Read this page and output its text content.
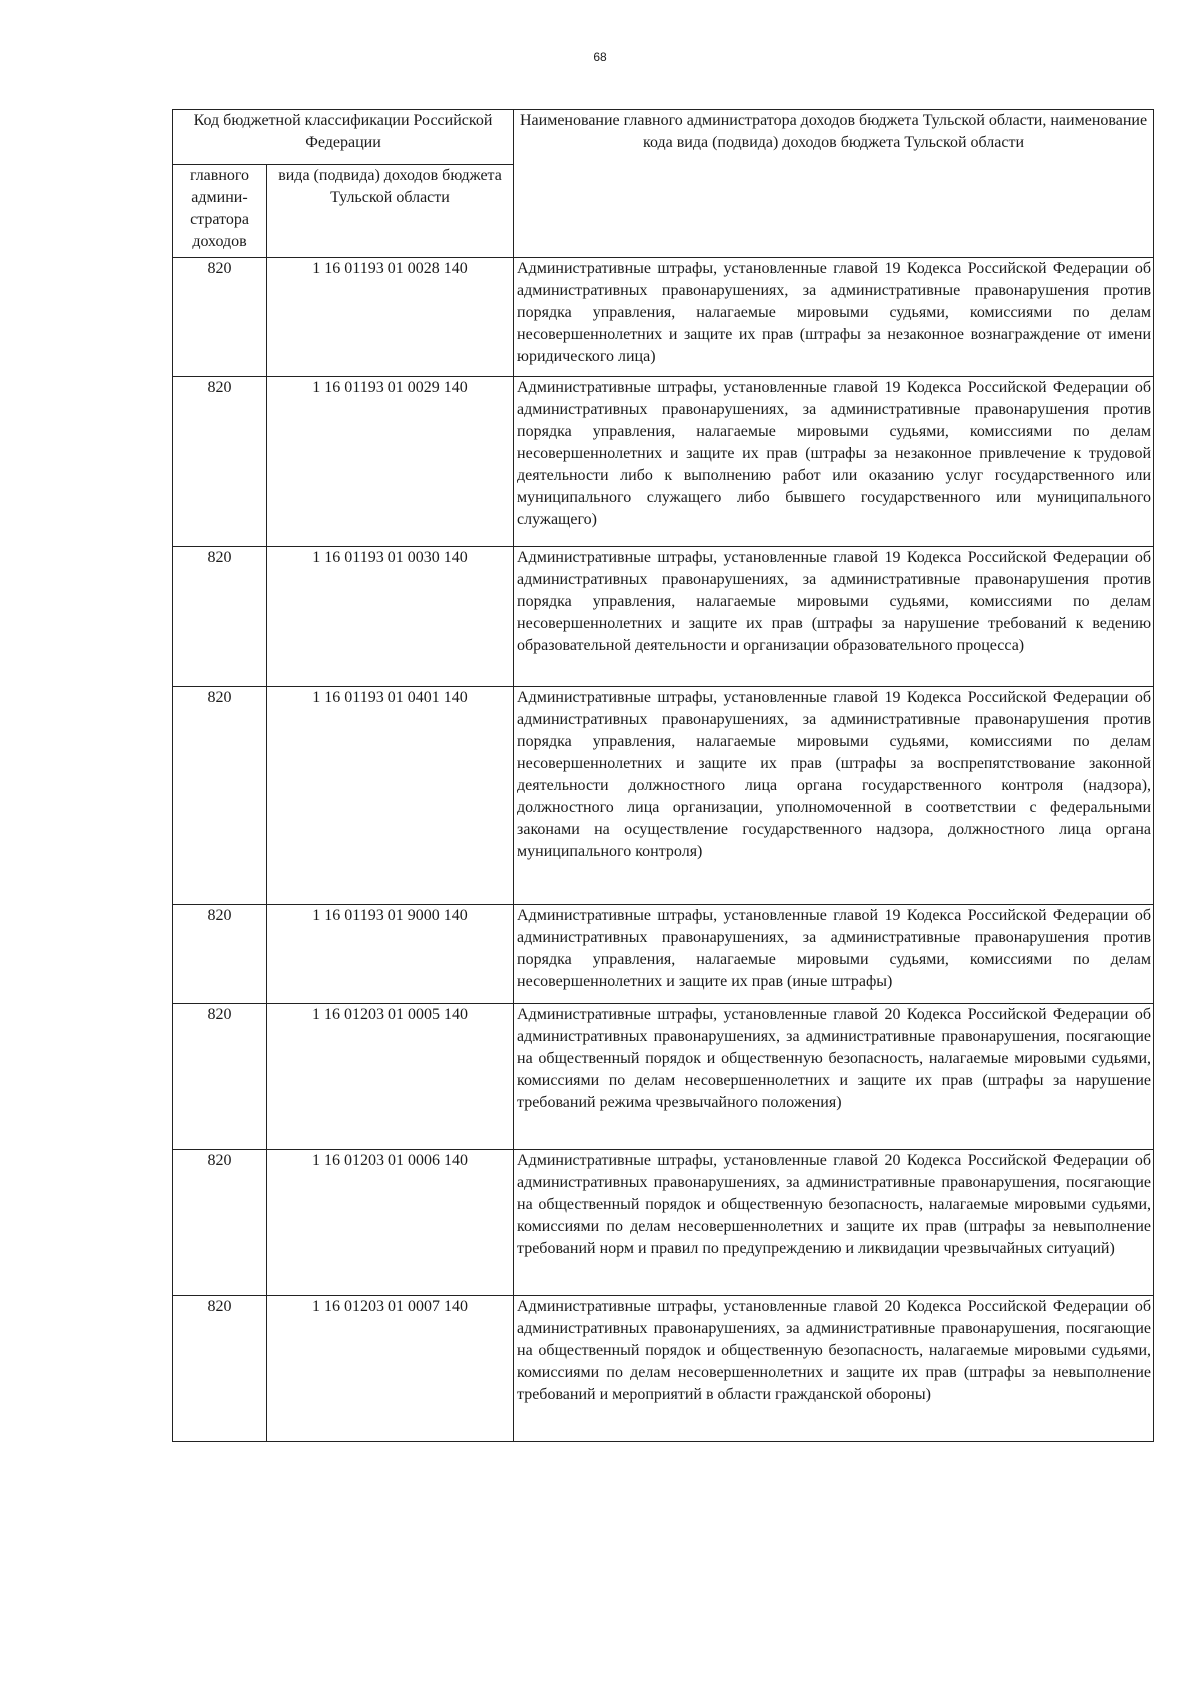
68
Код бюджетной классификации Российской Федерации		Наименование главного администратора доходов бюджета Тульской области, наименование кода вида (подвида) доходов бюджета Тульской области
главного админи-стратора доходов	вида (подвида) доходов бюджета Тульской области	
820	1 16 01193 01 0028 140	Административные штрафы, установленные главой 19 Кодекса Российской Федерации об административных правонарушениях, за административные правонарушения против порядка управления, налагаемые мировыми судьями, комиссиями по делам несовершеннолетних и защите их прав (штрафы за незаконное вознаграждение от имени юридического лица)
820	1 16 01193 01 0029 140	Административные штрафы, установленные главой 19 Кодекса Российской Федерации об административных правонарушениях, за административные правонарушения против порядка управления, налагаемые мировыми судьями, комиссиями по делам несовершеннолетних и защите их прав (штрафы за незаконное привлечение к трудовой деятельности либо к выполнению работ или оказанию услуг государственного или муниципального служащего либо бывшего государственного или муниципального служащего)
820	1 16 01193 01 0030 140	Административные штрафы, установленные главой 19 Кодекса Российской Федерации об административных правонарушениях, за административные правонарушения против порядка управления, налагаемые мировыми судьями, комиссиями по делам несовершеннолетних и защите их прав (штрафы за нарушение требований к ведению образовательной деятельности и организации образовательного процесса)
820	1 16 01193 01 0401 140	Административные штрафы, установленные главой 19 Кодекса Российской Федерации об административных правонарушениях, за административные правонарушения против порядка управления, налагаемые мировыми судьями, комиссиями по делам несовершеннолетних и защите их прав (штрафы за воспрепятствование законной деятельности должностного лица органа государственного контроля (надзора), должностного лица организации, уполномоченной в соответствии с федеральными законами на осуществление государственного надзора, должностного лица органа муниципального контроля)
820	1 16 01193 01 9000 140	Административные штрафы, установленные главой 19 Кодекса Российской Федерации об административных правонарушениях, за административные правонарушения против порядка управления, налагаемые мировыми судьями, комиссиями по делам несовершеннолетних и защите их прав (иные штрафы)
820	1 16 01203 01 0005 140	Административные штрафы, установленные главой 20 Кодекса Российской Федерации об административных правонарушениях, за административные правонарушения, посягающие на общественный порядок и общественную безопасность, налагаемые мировыми судьями, комиссиями по делам несовершеннолетних и защите их прав (штрафы за нарушение требований режима чрезвычайного положения)
820	1 16 01203 01 0006 140	Административные штрафы, установленные главой 20 Кодекса Российской Федерации об административных правонарушениях, за административные правонарушения, посягающие на общественный порядок и общественную безопасность, налагаемые мировыми судьями, комиссиями по делам несовершеннолетних и защите их прав (штрафы за невыполнение требований норм и правил по предупреждению и ликвидации чрезвычайных ситуаций)
820	1 16 01203 01 0007 140	Административные штрафы, установленные главой 20 Кодекса Российской Федерации об административных правонарушениях, за административные правонарушения, посягающие на общественный порядок и общественную безопасность, налагаемые мировыми судьями, комиссиями по делам несовершеннолетних и защите их прав (штрафы за невыполнение требований и мероприятий в области гражданской обороны)
